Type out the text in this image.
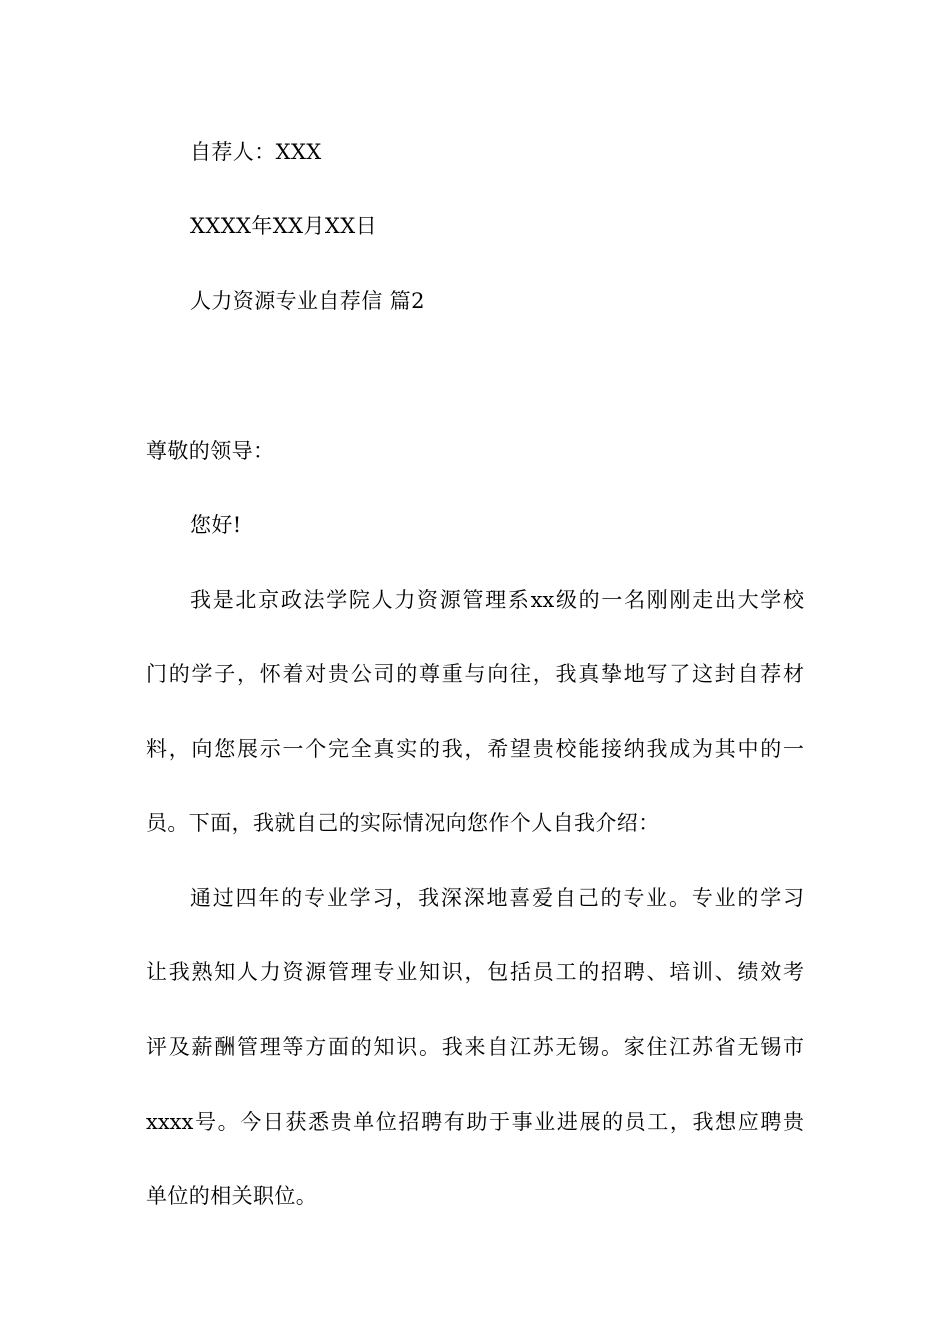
自荐人：XXX

XXXX年XX月XX日

人力资源专业自荐信 篇2

尊敬的领导：

您好!

我是北京政法学院人力资源管理系xx级的一名刚刚走出大学校

门的学子，怀着对贵公司的尊重与向往，我真挚地写了这封自荐材

料，向您展示一个完全真实的我，希望贵校能接纳我成为其中的一

员。下面，我就自己的实际情况向您作个人自我介绍：

通过四年的专业学习，我深深地喜爱自己的专业。专业的学习

让我熟知人力资源管理专业知识，包括员工的招聘、培训、绩效考

评及薪酬管理等方面的知识。我来自江苏无锡。家住江苏省无锡市

xxxx号。今日获悉贵单位招聘有助于事业进展的员工，我想应聘贵

单位的相关职位。
